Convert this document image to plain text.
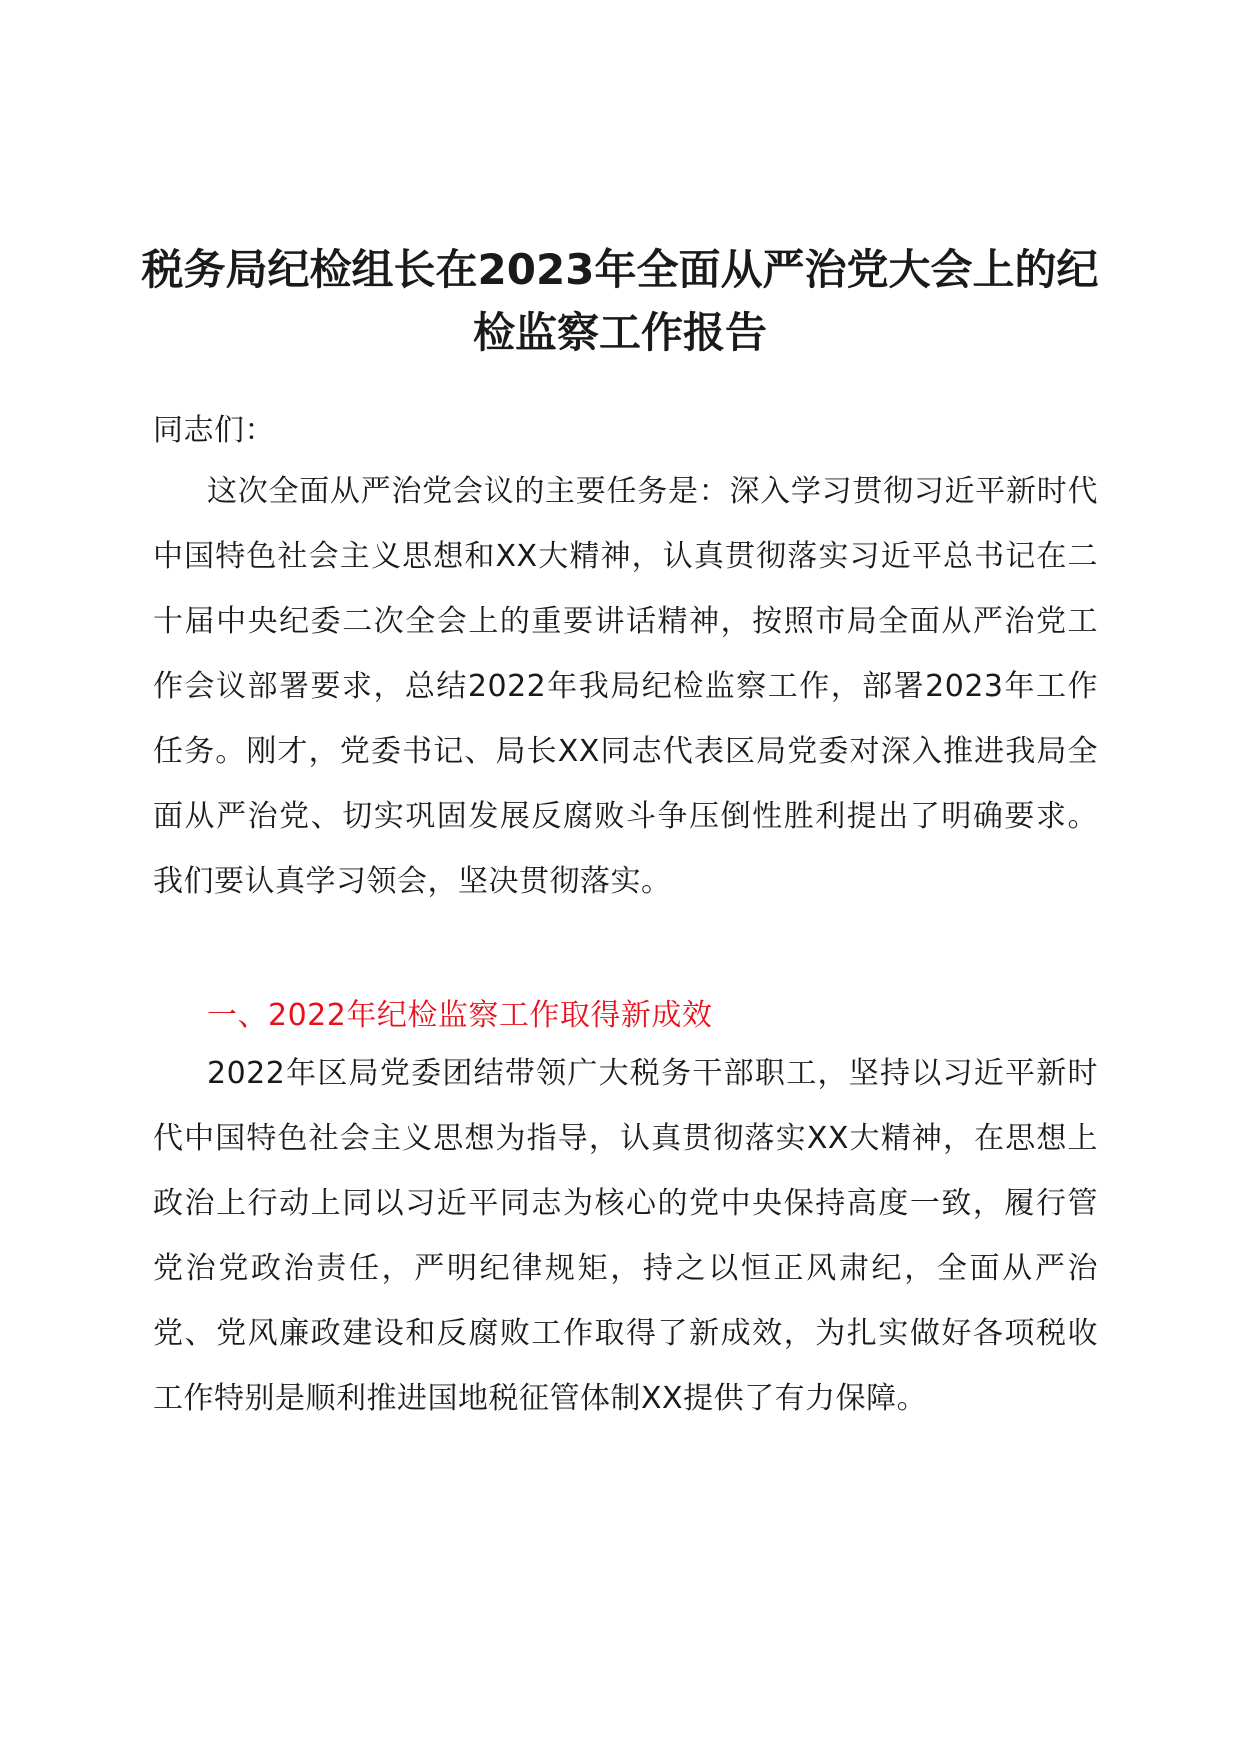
税务局纪检组长在2023年全面从严治党大会上的纪检监察工作报告

同志们：

这次全面从严治党会议的主要任务是：深入学习贯彻习近平新时代中国特色社会主义思想和XX大精神，认真贯彻落实习近平总书记在二十届中央纪委二次全会上的重要讲话精神，按照市局全面从严治党工作会议部署要求，总结2022年我局纪检监察工作，部署2023年工作任务。刚才，党委书记、局长XX同志代表区局党委对深入推进我局全面从严治党、切实巩固发展反腐败斗争压倒性胜利提出了明确要求。我们要认真学习领会，坚决贯彻落实。

一、2022年纪检监察工作取得新成效

2022年区局党委团结带领广大税务干部职工，坚持以习近平新时代中国特色社会主义思想为指导，认真贯彻落实XX大精神，在思想上政治上行动上同以习近平同志为核心的党中央保持高度一致，履行管党治党政治责任，严明纪律规矩，持之以恒正风肃纪，全面从严治党、党风廉政建设和反腐败工作取得了新成效，为扎实做好各项税收工作特别是顺利推进国地税征管体制XX提供了有力保障。
